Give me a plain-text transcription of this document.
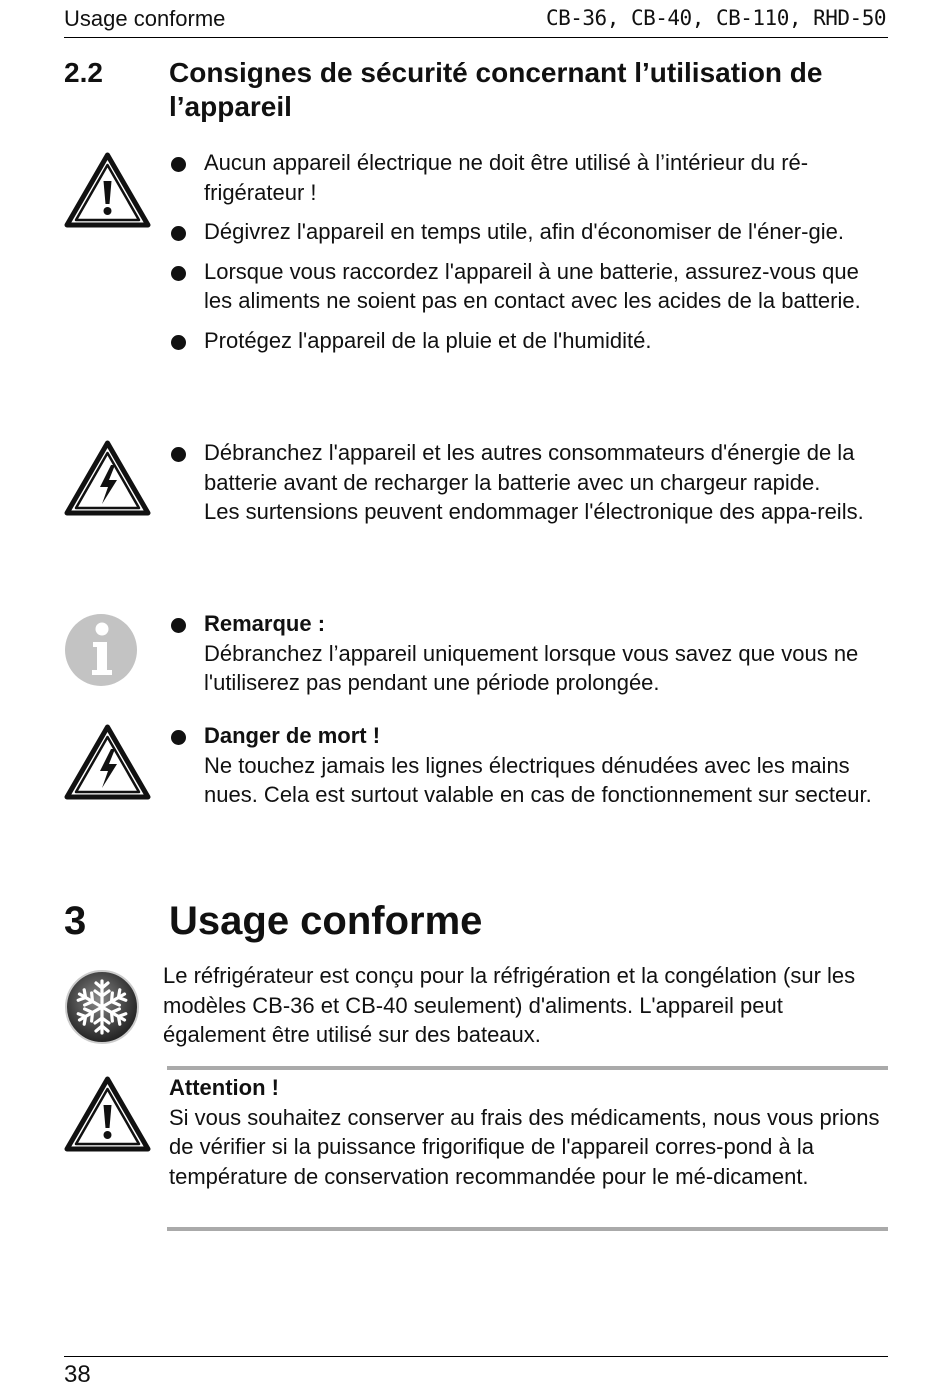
Usage conforme	CB-36, CB-40, CB-110, RHD-50
2.2 Consignes de sécurité concernant l’utilisation de l’appareil
Aucun appareil électrique ne doit être utilisé à l’intérieur du ré-frigérateur !
Dégivrez l'appareil en temps utile, afin d'économiser de l'éner-gie.
Lorsque vous raccordez l'appareil à une batterie, assurez-vous que les aliments ne soient pas en contact avec les acides de la batterie.
Protégez l'appareil de la pluie et de l'humidité.
Débranchez l'appareil et les autres consommateurs d'énergie de la batterie avant de recharger la batterie avec un chargeur rapide.
Les surtensions peuvent endommager l'électronique des appa-reils.
Remarque :
Débranchez l’appareil uniquement lorsque vous savez que vous ne l'utiliserez pas pendant une période prolongée.
Danger de mort !
Ne touchez jamais les lignes électriques dénudées avec les mains nues. Cela est surtout valable en cas de fonctionnement sur secteur.
3 Usage conforme

Le réfrigérateur est conçu pour la réfrigération et la congélation (sur les modèles CB-36 et CB-40 seulement) d'aliments. L'appareil peut également être utilisé sur des bateaux.

Attention !
Si vous souhaitez conserver au frais des médicaments, nous vous prions de vérifier si la puissance frigorifique de l'appareil corres-pond à la température de conservation recommandée pour le mé-dicament.
38
